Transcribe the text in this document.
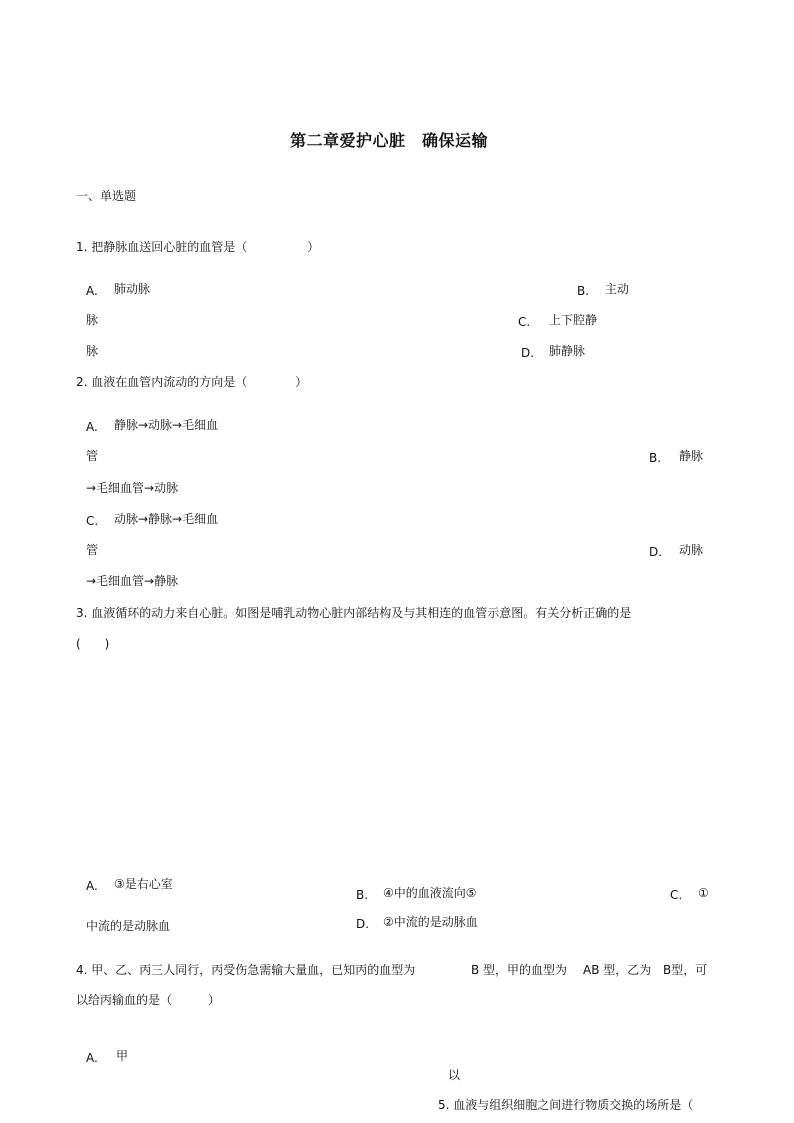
第二章爱护心脏　确保运输
一、单选题
1. 把静脉血送回心脏的血管是（　　　　　）
A. 肺动脉	B. 主动
脉	C. 上下腔静
脉	D. 肺静脉
2. 血液在血管内流动的方向是（　　　　）
A. 静脉→动脉→毛细血
管	B. 静脉
→毛细血管→动脉
C. 动脉→静脉→毛细血
管	D. 动脉
→毛细血管→静脉
3. 血液循环的动力来自心脏。如图是哺乳动物心脏内部结构及与其相连的血管示意图。有关分析正确的是
(　　)
A. ③是右心室
B. ④中的血液流向⑤	C. ①
中流的是动脉血	D. ②中流的是动脉血
4. 甲、乙、丙三人同行，丙受伤急需输大量血，已知丙的血型为	B 型，甲的血型为 AB 型，乙为 B型，可
以给丙输血的是（　　　）
A. 甲
以
5. 血液与组织细胞之间进行物质交换的场所是（
